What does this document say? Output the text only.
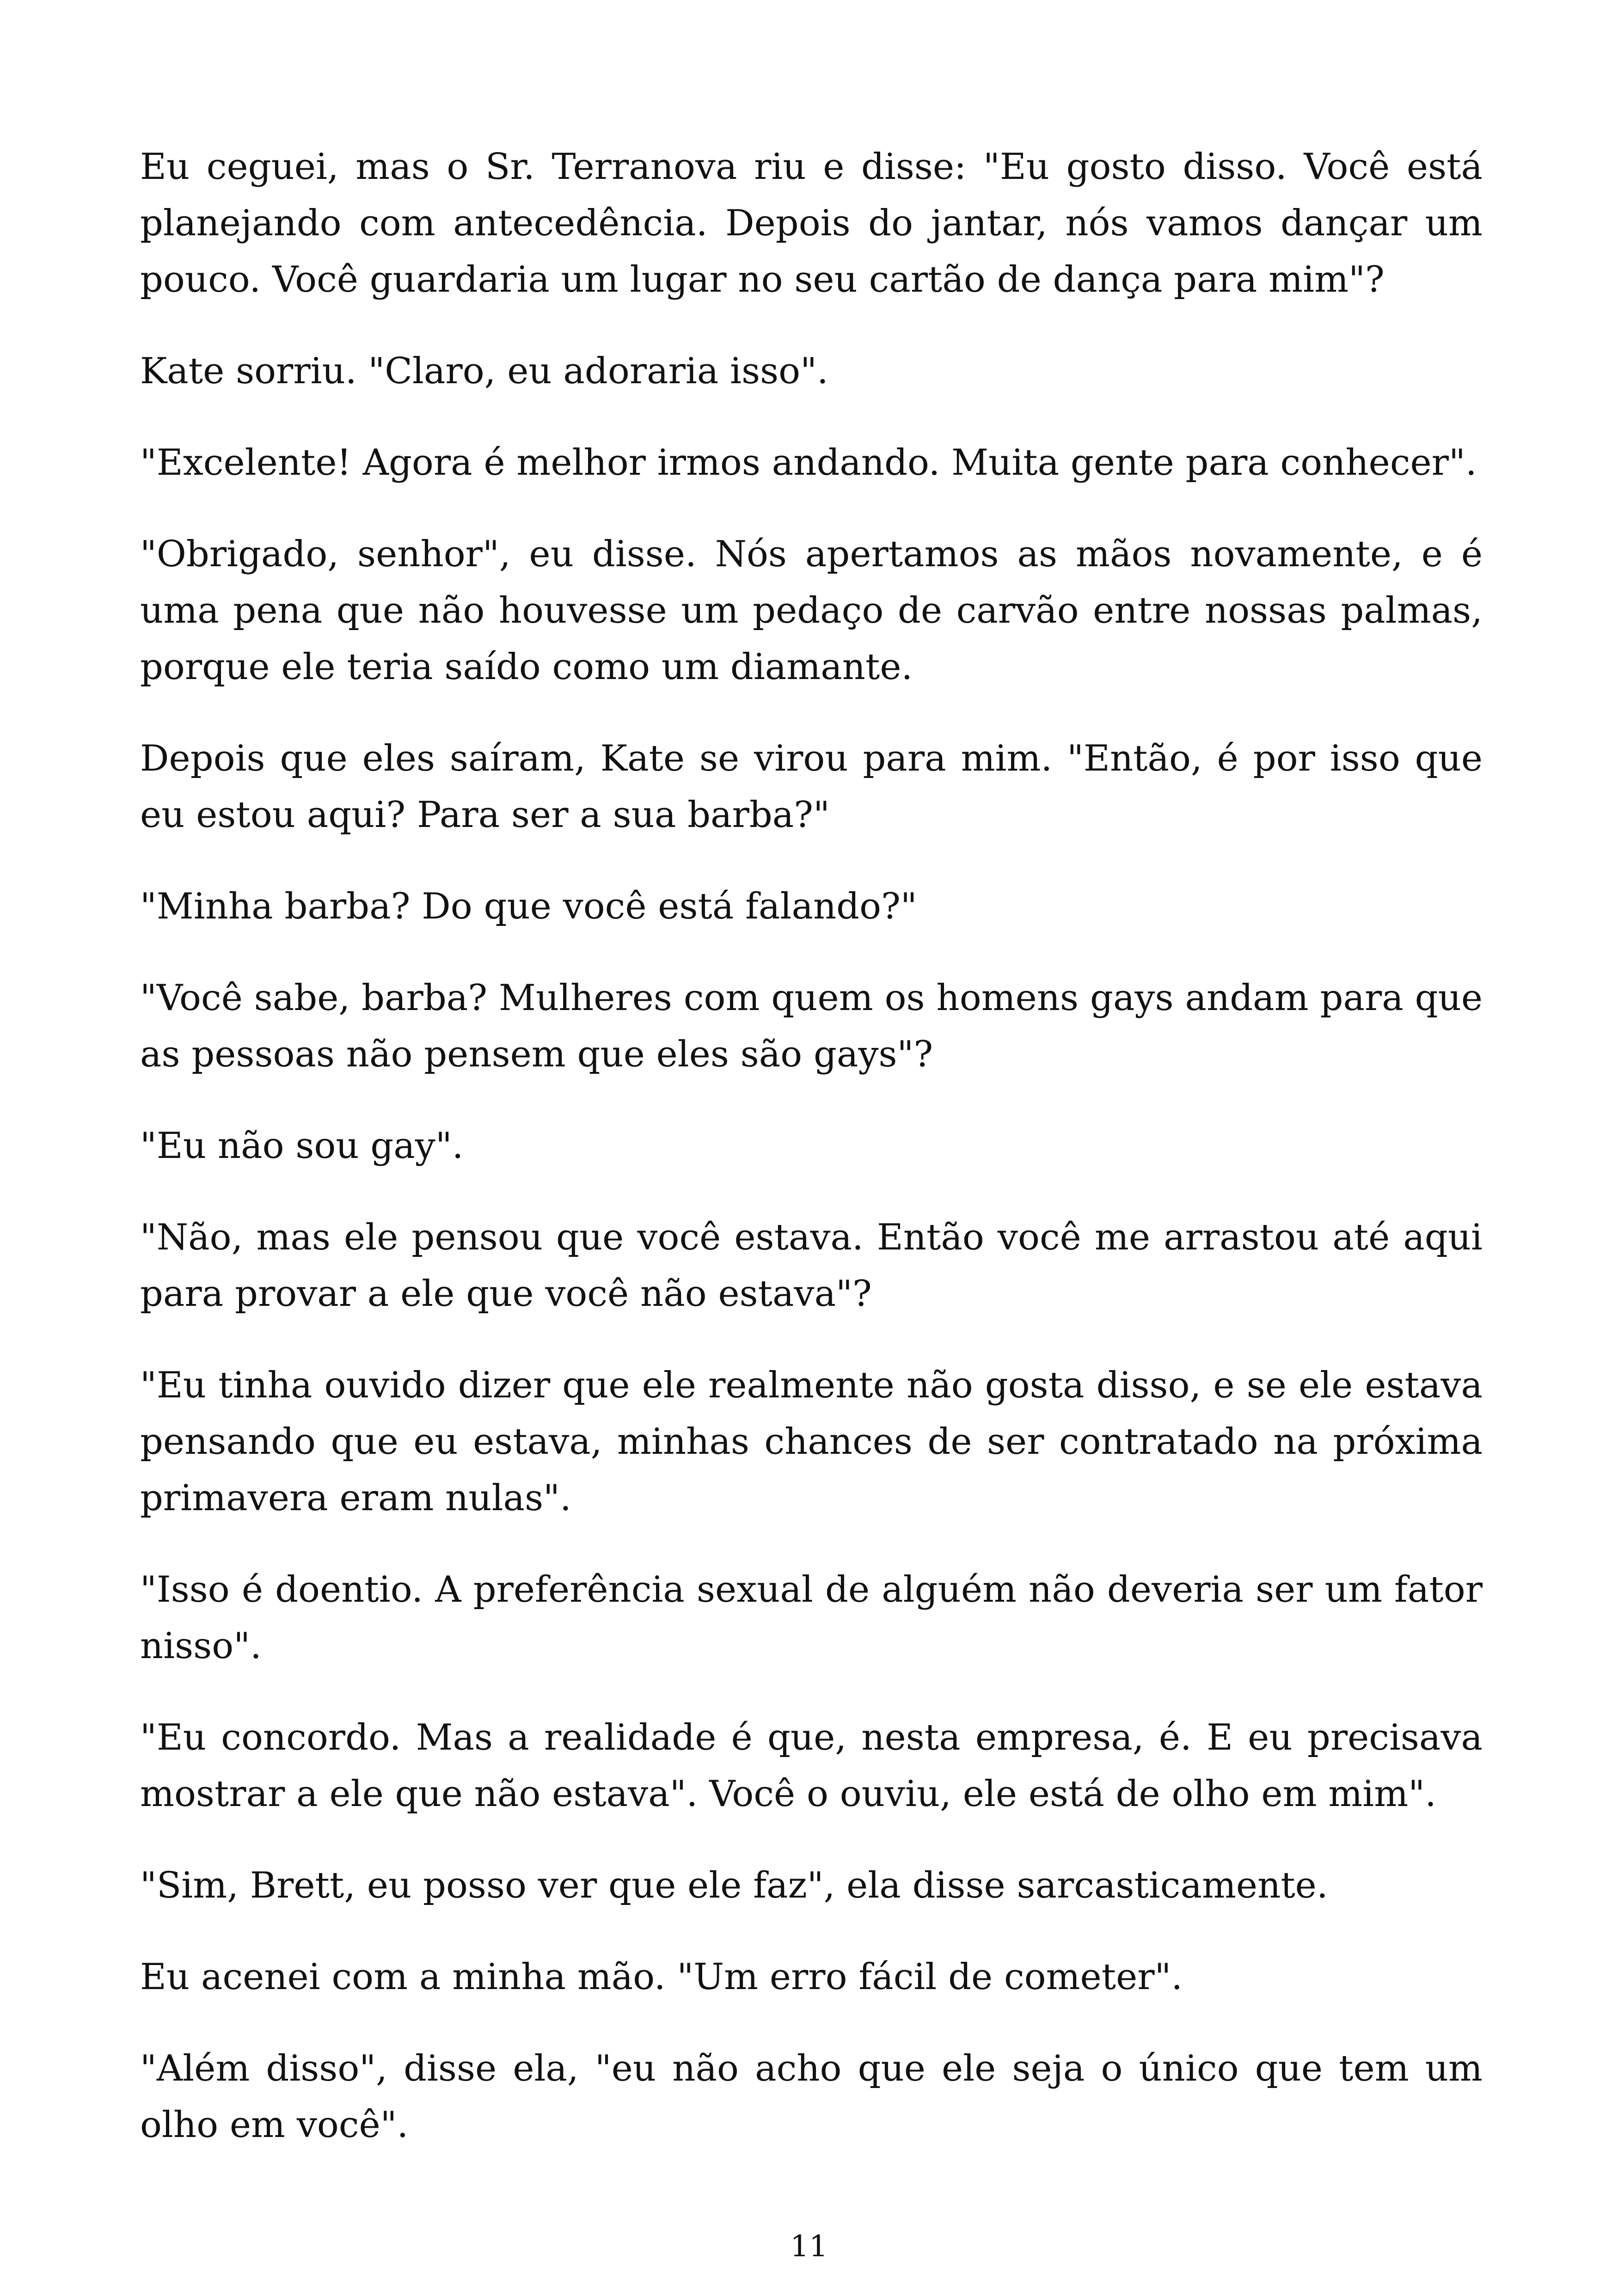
Eu ceguei, mas o Sr. Terranova riu e disse: "Eu gosto disso. Você está planejando com antecedência. Depois do jantar, nós vamos dançar um pouco. Você guardaria um lugar no seu cartão de dança para mim"?

Kate sorriu. "Claro, eu adoraria isso".

"Excelente! Agora é melhor irmos andando. Muita gente para conhecer".

"Obrigado, senhor", eu disse. Nós apertamos as mãos novamente, e é uma pena que não houvesse um pedaço de carvão entre nossas palmas, porque ele teria saído como um diamante.

Depois que eles saíram, Kate se virou para mim. "Então, é por isso que eu estou aqui? Para ser a sua barba?"

"Minha barba? Do que você está falando?"

"Você sabe, barba? Mulheres com quem os homens gays andam para que as pessoas não pensem que eles são gays"?

"Eu não sou gay".

"Não, mas ele pensou que você estava. Então você me arrastou até aqui para provar a ele que você não estava"?

"Eu tinha ouvido dizer que ele realmente não gosta disso, e se ele estava pensando que eu estava, minhas chances de ser contratado na próxima primavera eram nulas".

"Isso é doentio. A preferência sexual de alguém não deveria ser um fator nisso".

"Eu concordo. Mas a realidade é que, nesta empresa, é. E eu precisava mostrar a ele que não estava". Você o ouviu, ele está de olho em mim".

"Sim, Brett, eu posso ver que ele faz", ela disse sarcasticamente.

Eu acenei com a minha mão. "Um erro fácil de cometer".

"Além disso", disse ela, "eu não acho que ele seja o único que tem um olho em você".

11
